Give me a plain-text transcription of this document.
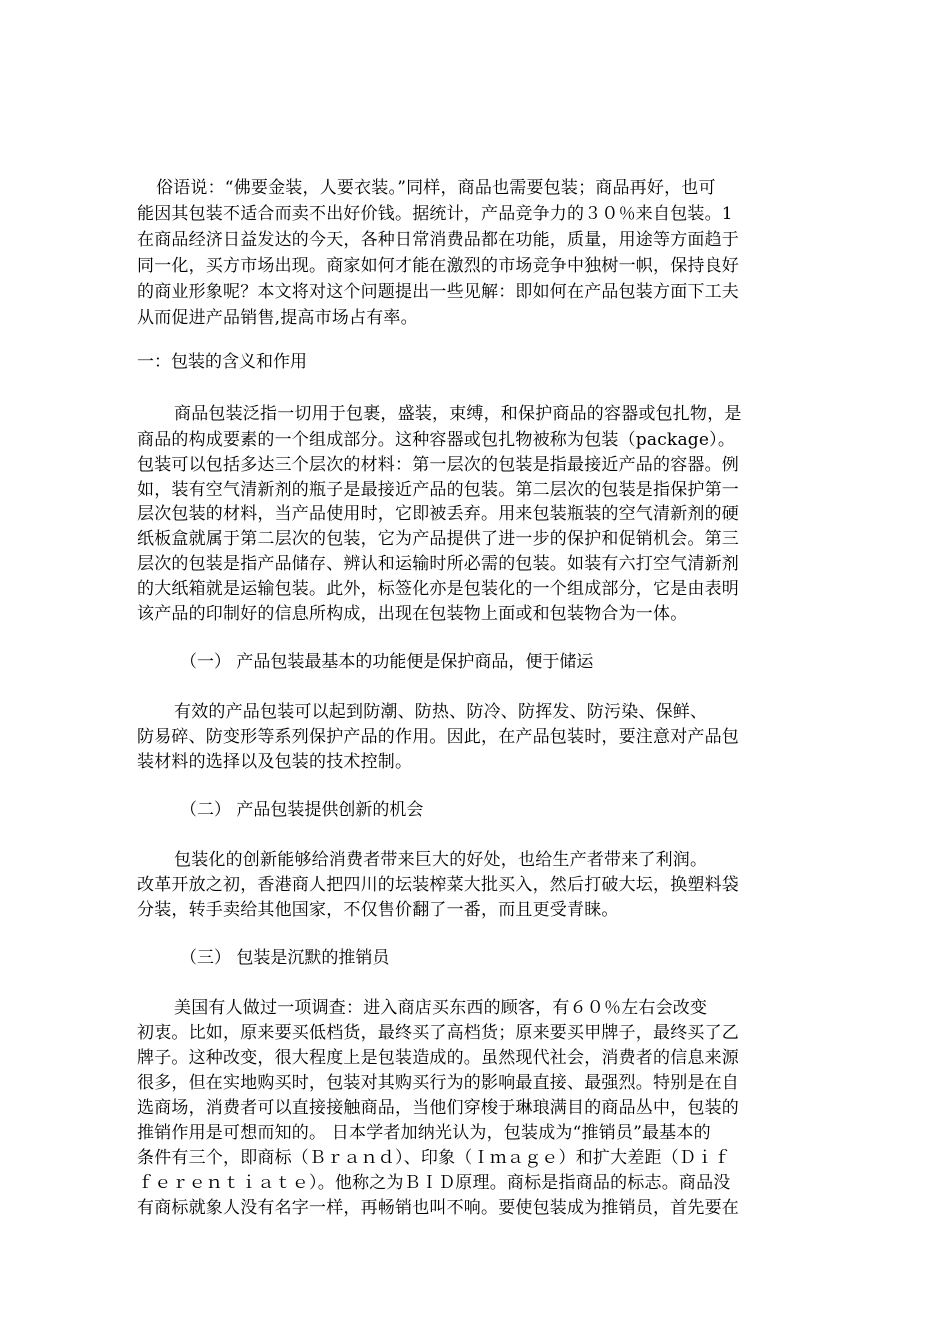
俗语说：“佛要金装，人要衣装。”同样，商品也需要包装；商品再好，也可
能因其包装不适合而卖不出好价钱。据统计，产品竞争力的３０％来自包装。1
在商品经济日益发达的今天，各种日常消费品都在功能，质量，用途等方面趋于
同一化，买方市场出现。商家如何才能在激烈的市场竞争中独树一帜，保持良好
的商业形象呢？本文将对这个问题提出一些见解：即如何在产品包装方面下工夫
从而促进产品销售,提高市场占有率。
一：包装的含义和作用
商品包装泛指一切用于包裹，盛装，束缚，和保护商品的容器或包扎物，是
商品的构成要素的一个组成部分。这种容器或包扎物被称为包装（package）。
包装可以包括多达三个层次的材料：第一层次的包装是指最接近产品的容器。例
如，装有空气清新剂的瓶子是最接近产品的包装。第二层次的包装是指保护第一
层次包装的材料，当产品使用时，它即被丢弃。用来包装瓶装的空气清新剂的硬
纸板盒就属于第二层次的包装，它为产品提供了进一步的保护和促销机会。第三
层次的包装是指产品储存、辨认和运输时所必需的包装。如装有六打空气清新剂
的大纸箱就是运输包装。此外，标签化亦是包装化的一个组成部分，它是由表明
该产品的印制好的信息所构成，出现在包装物上面或和包装物合为一体。
（一） 产品包装最基本的功能便是保护商品，便于储运
有效的产品包装可以起到防潮、防热、防冷、防挥发、防污染、保鲜、
防易碎、防变形等系列保护产品的作用。因此，在产品包装时，要注意对产品包
装材料的选择以及包装的技术控制。
（二） 产品包装提供创新的机会
包装化的创新能够给消费者带来巨大的好处，也给生产者带来了利润。
改革开放之初，香港商人把四川的坛装榨菜大批买入，然后打破大坛，换塑料袋
分装，转手卖给其他国家，不仅售价翻了一番，而且更受青睐。
（三） 包装是沉默的推销员
美国有人做过一项调查：进入商店买东西的顾客，有６０％左右会改变
初衷。比如，原来要买低档货，最终买了高档货；原来要买甲牌子，最终买了乙
牌子。这种改变，很大程度上是包装造成的。虽然现代社会，消费者的信息来源
很多，但在实地购买时，包装对其购买行为的影响最直接、最强烈。特别是在自
选商场，消费者可以直接接触商品，当他们穿梭于琳琅满目的商品丛中，包装的
推销作用是可想而知的。 日本学者加纳光认为，包装成为“推销员”最基本的
条件有三个，即商标（Ｂｒａｎｄ）、印象（Ｉｍａｇｅ）和扩大差距（Ｄｉｆ
ｆｅｒｅｎｔｉａｔｅ）。他称之为ＢＩＤ原理。商标是指商品的标志。商品没
有商标就象人没有名字一样，再畅销也叫不响。要使包装成为推销员，首先要在
